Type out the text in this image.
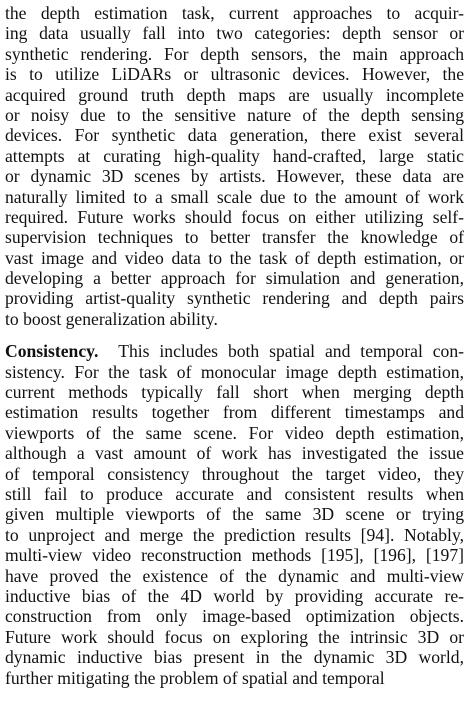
the depth estimation task, current approaches to acquir-
ing data usually fall into two categories: depth sensor or
synthetic rendering. For depth sensors, the main approach
is to utilize LiDARs or ultrasonic devices. However, the
acquired ground truth depth maps are usually incomplete
or noisy due to the sensitive nature of the depth sensing
devices. For synthetic data generation, there exist several
attempts at curating high-quality hand-crafted, large static
or dynamic 3D scenes by artists. However, these data are
naturally limited to a small scale due to the amount of work
required. Future works should focus on either utilizing self-
supervision techniques to better transfer the knowledge of
vast image and video data to the task of depth estimation, or
developing a better approach for simulation and generation,
providing artist-quality synthetic rendering and depth pairs
to boost generalization ability.
Consistency. This includes both spatial and temporal con-
sistency. For the task of monocular image depth estimation,
current methods typically fall short when merging depth
estimation results together from different timestamps and
viewports of the same scene. For video depth estimation,
although a vast amount of work has investigated the issue
of temporal consistency throughout the target video, they
still fail to produce accurate and consistent results when
given multiple viewports of the same 3D scene or trying
to unproject and merge the prediction results [94]. Notably,
multi-view video reconstruction methods [195], [196], [197]
have proved the existence of the dynamic and multi-view
inductive bias of the 4D world by providing accurate re-
construction from only image-based optimization objects.
Future work should focus on exploring the intrinsic 3D or
dynamic inductive bias present in the dynamic 3D world,
further mitigating the problem of spatial and temporal
